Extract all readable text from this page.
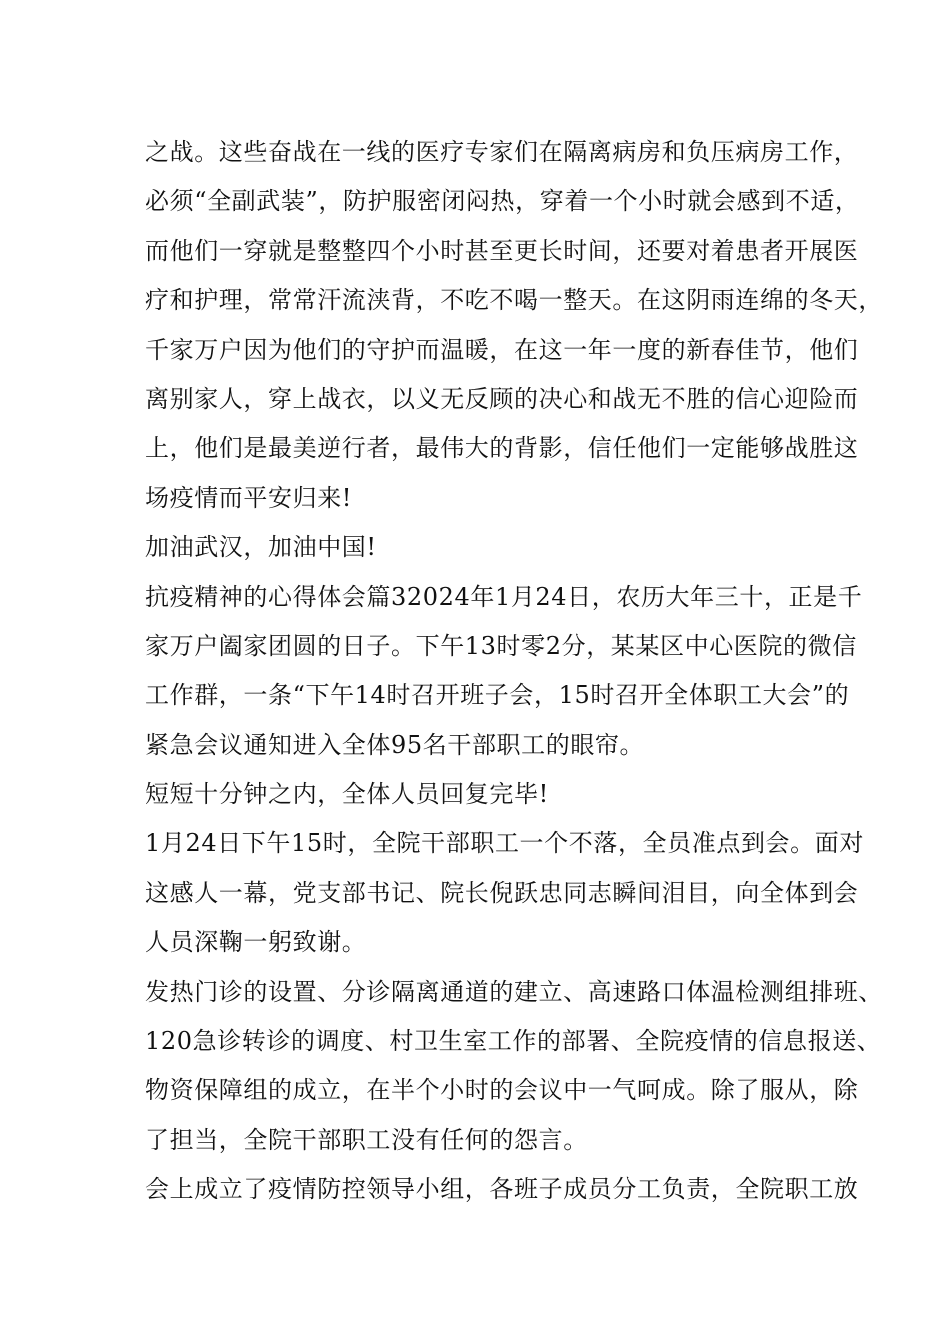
之战。这些奋战在一线的医疗专家们在隔离病房和负压病房工作，
必须“全副武装”，防护服密闭闷热，穿着一个小时就会感到不适，
而他们一穿就是整整四个小时甚至更长时间，还要对着患者开展医
疗和护理，常常汗流浃背，不吃不喝一整天。在这阴雨连绵的冬天，
千家万户因为他们的守护而温暖，在这一年一度的新春佳节，他们
离别家人，穿上战衣，以义无反顾的决心和战无不胜的信心迎险而
上，他们是最美逆行者，最伟大的背影，信任他们一定能够战胜这
场疫情而平安归来!
加油武汉，加油中国!
抗疫精神的心得体会篇32024年1月24日，农历大年三十，正是千
家万户阖家团圆的日子。下午13时零2分，某某区中心医院的微信
工作群，一条“下午14时召开班子会，15时召开全体职工大会”的
紧急会议通知进入全体95名干部职工的眼帘。
短短十分钟之内，全体人员回复完毕!
1月24日下午15时，全院干部职工一个不落，全员准点到会。面对
这感人一幕，党支部书记、院长倪跃忠同志瞬间泪目，向全体到会
人员深鞠一躬致谢。
发热门诊的设置、分诊隔离通道的建立、高速路口体温检测组排班、
120急诊转诊的调度、村卫生室工作的部署、全院疫情的信息报送、
物资保障组的成立，在半个小时的会议中一气呵成。除了服从，除
了担当，全院干部职工没有任何的怨言。
会上成立了疫情防控领导小组，各班子成员分工负责，全院职工放
